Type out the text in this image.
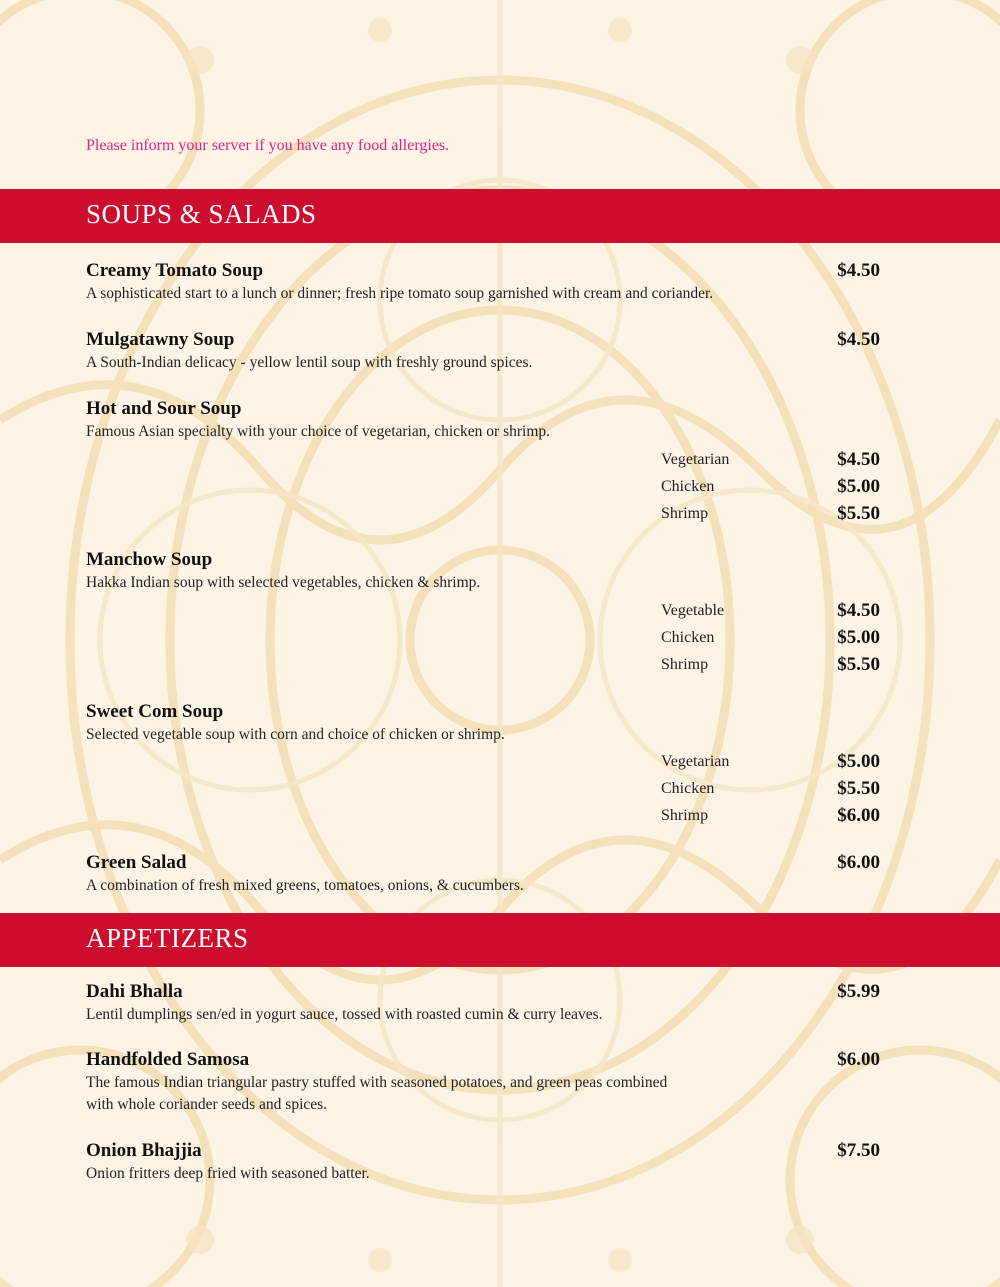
Please inform your server if you have any food allergies.
SOUPS & SALADS
Creamy Tomato Soup	$4.50
A sophisticated start to a lunch or dinner; fresh ripe tomato soup garnished with cream and coriander.
Mulgatawny Soup	$4.50
A South-Indian delicacy - yellow lentil soup with freshly ground spices.
Hot and Sour Soup
Famous Asian specialty with your choice of vegetarian, chicken or shrimp.
Vegetarian	$4.50
Chicken	$5.00
Shrimp	$5.50
Manchow Soup
Hakka Indian soup with selected vegetables, chicken & shrimp.
Vegetable	$4.50
Chicken	$5.00
Shrimp	$5.50
Sweet Com Soup
Selected vegetable soup with corn and choice of chicken or shrimp.
Vegetarian	$5.00
Chicken	$5.50
Shrimp	$6.00
Green Salad	$6.00
A combination of fresh mixed greens, tomatoes, onions, & cucumbers.
APPETIZERS
Dahi Bhalla	$5.99
Lentil dumplings sen/ed in yogurt sauce, tossed with roasted cumin & curry leaves.
Handfolded Samosa	$6.00
The famous Indian triangular pastry stuffed with seasoned potatoes, and green peas combined with whole coriander seeds and spices.
Onion Bhajjia	$7.50
Onion fritters deep fried with seasoned batter.
